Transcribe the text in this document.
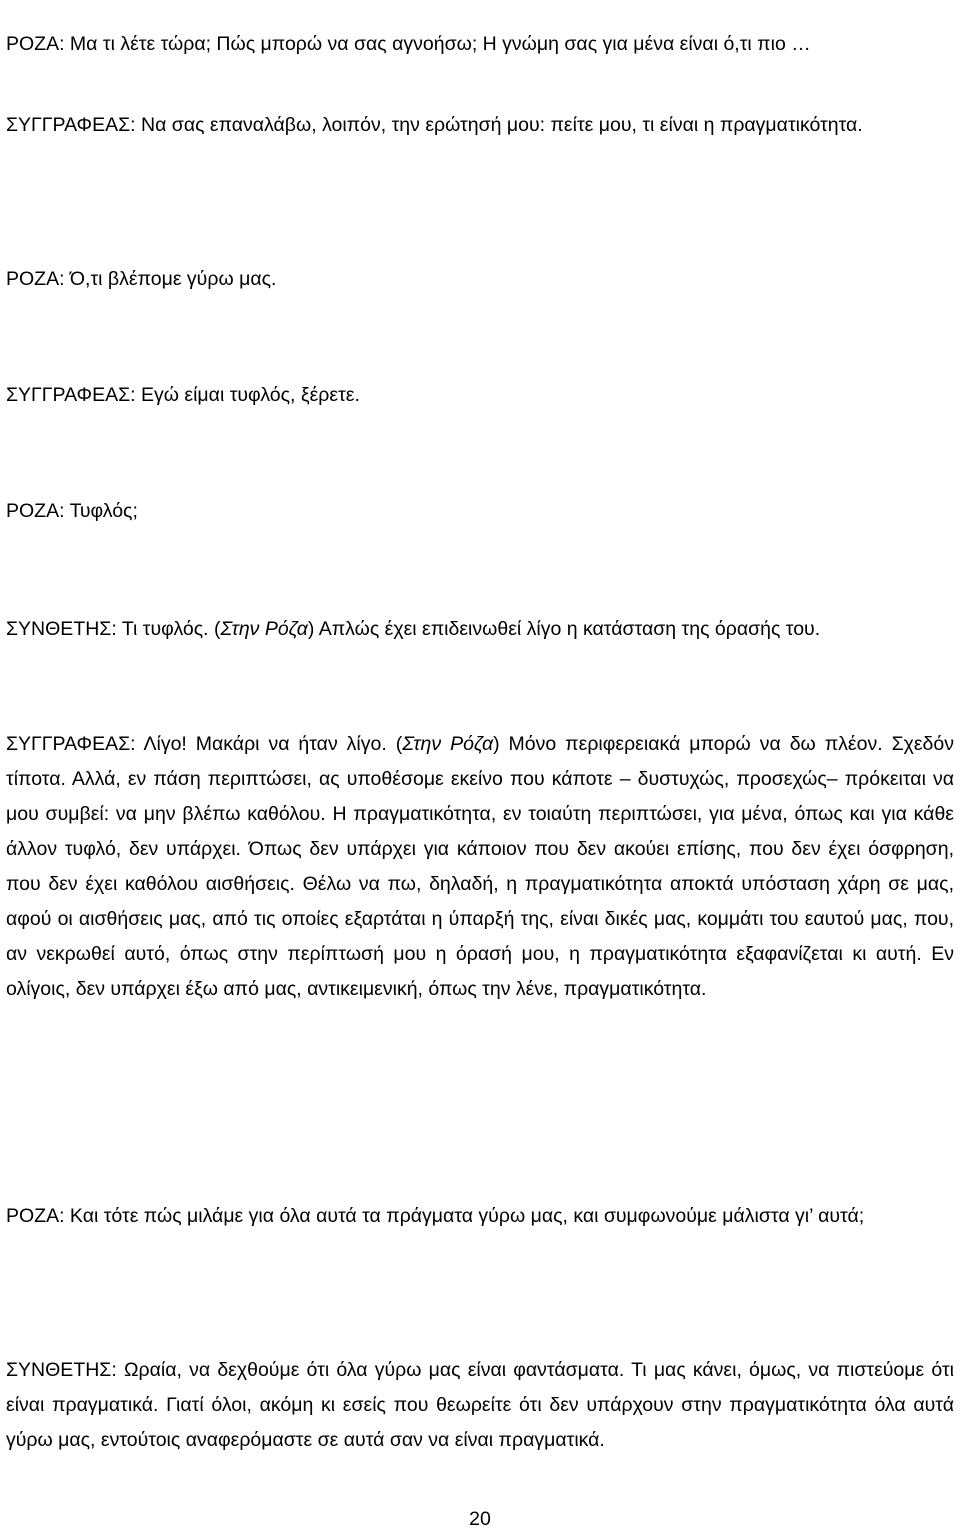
ΡΟΖΑ: Μα τι λέτε τώρα; Πώς μπορώ να σας αγνοήσω; Η γνώμη σας για μένα είναι ό,τι πιο …

ΣΥΓΓΡΑΦΕΑΣ: Να σας επαναλάβω, λοιπόν, την ερώτησή μου: πείτε μου, τι είναι η πραγματικότητα.

ΡΟΖΑ: Ό,τι βλέπομε γύρω μας.

ΣΥΓΓΡΑΦΕΑΣ: Εγώ είμαι τυφλός, ξέρετε.

ΡΟΖΑ: Τυφλός;

ΣΥΝΘΕΤΗΣ: Τι τυφλός. (Στην Ρόζα) Απλώς έχει επιδεινωθεί λίγο η κατάσταση της όρασής του.

ΣΥΓΓΡΑΦΕΑΣ: Λίγο! Μακάρι να ήταν λίγο. (Στην Ρόζα) Μόνο περιφερειακά μπορώ να δω πλέον. Σχεδόν τίποτα. Αλλά, εν πάση περιπτώσει, ας υποθέσομε εκείνο που κάποτε – δυστυχώς, προσεχώς– πρόκειται να μου συμβεί: να μην βλέπω καθόλου. Η πραγματικότητα, εν τοιαύτη περιπτώσει, για μένα, όπως και για κάθε άλλον τυφλό, δεν υπάρχει. Όπως δεν υπάρχει για κάποιον που δεν ακούει επίσης, που δεν έχει όσφρηση, που δεν έχει καθόλου αισθήσεις. Θέλω να πω, δηλαδή, η πραγματικότητα αποκτά υπόσταση χάρη σε μας, αφού οι αισθήσεις μας, από τις οποίες εξαρτάται η ύπαρξή της, είναι δικές μας, κομμάτι του εαυτού μας, που, αν νεκρωθεί αυτό, όπως στην περίπτωσή μου η όρασή μου, η πραγματικότητα εξαφανίζεται κι αυτή. Εν ολίγοις, δεν υπάρχει έξω από μας, αντικειμενική, όπως την λένε, πραγματικότητα.

ΡΟΖΑ: Και τότε πώς μιλάμε για όλα αυτά τα πράγματα γύρω μας, και συμφωνούμε μάλιστα γι’ αυτά;

ΣΥΝΘΕΤΗΣ: Ωραία, να δεχθούμε ότι όλα γύρω μας είναι φαντάσματα. Τι μας κάνει, όμως, να πιστεύομε ότι είναι πραγματικά. Γιατί όλοι, ακόμη κι εσείς που θεωρείτε ότι δεν υπάρχουν στην πραγματικότητα όλα αυτά γύρω μας, εντούτοις αναφερόμαστε σε αυτά σαν να είναι πραγματικά.

20
